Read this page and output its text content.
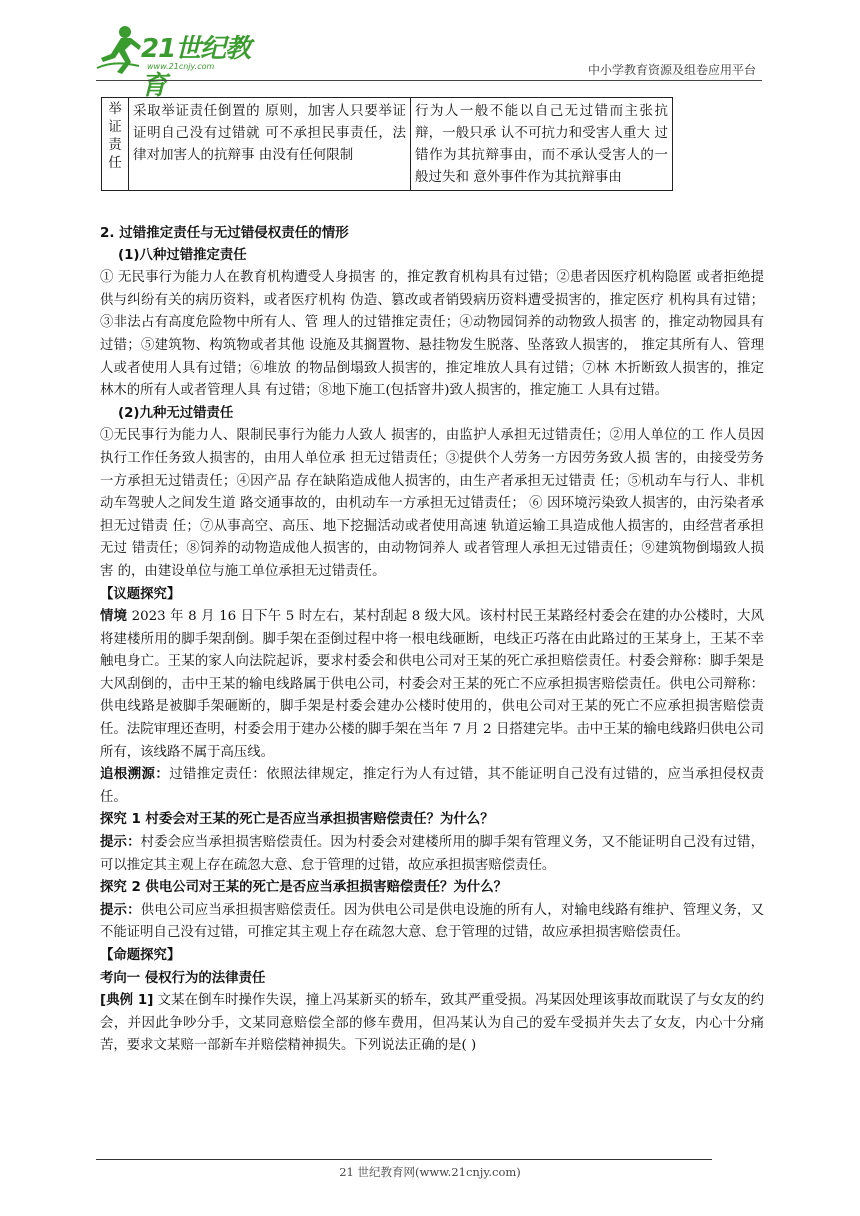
21世纪教育
www.21cnjy.com	中小学教育资源及组卷应用平台
举证责任	采取举证责任倒置的 原则，加害人只要举证 证明自己没有过错就 可不承担民事责任，法 律对加害人的抗辩事 由没有任何限制	行为人一般不能以自己无过错而主张抗辩，一般只承 认不可抗力和受害人重大 过错作为其抗辩事由，而不承认受害人的一般过失和 意外事件作为其抗辩事由

2. 过错推定责任与无过错侵权责任的情形

(1)八种过错推定责任

① 无民事行为能力人在教育机构遭受人身损害 的，推定教育机构具有过错；②患者因医疗机构隐匿 或者拒绝提供与纠纷有关的病历资料，或者医疗机构 伪造、篡改或者销毁病历资料遭受损害的，推定医疗 机构具有过错；③非法占有高度危险物中所有人、管 理人的过错推定责任；④动物园饲养的动物致人损害 的，推定动物园具有过错；⑤建筑物、构筑物或者其他 设施及其搁置物、悬挂物发生脱落、坠落致人损害的， 推定其所有人、管理人或者使用人具有过错；⑥堆放 的物品倒塌致人损害的，推定堆放人具有过错；⑦林 木折断致人损害的，推定林木的所有人或者管理人具 有过错；⑧地下施工(包括窨井)致人损害的，推定施工 人具有过错。

(2)九种无过错责任

①无民事行为能力人、限制民事行为能力人致人 损害的，由监护人承担无过错责任；②用人单位的工 作人员因执行工作任务致人损害的，由用人单位承 担无过错责任；③提供个人劳务一方因劳务致人损 害的，由接受劳务一方承担无过错责任；④因产品 存在缺陷造成他人损害的，由生产者承担无过错责 任；⑤机动车与行人、非机动车驾驶人之间发生道 路交通事故的，由机动车一方承担无过错责任； ⑥ 因环境污染致人损害的，由污染者承担无过错责 任；⑦从事高空、高压、地下挖掘活动或者使用高速 轨道运输工具造成他人损害的，由经营者承担无过 错责任；⑧饲养的动物造成他人损害的，由动物饲养人 或者管理人承担无过错责任；⑨建筑物倒塌致人损害 的，由建设单位与施工单位承担无过错责任。

【议题探究】

情境 2023 年 8 月 16 日下午 5 时左右，某村刮起 8 级大风。该村村民王某路经村委会在建的办公楼时，大风将建楼所用的脚手架刮倒。脚手架在歪倒过程中将一根电线砸断，电线正巧落在由此路过的王某身上，王某不幸触电身亡。王某的家人向法院起诉，要求村委会和供电公司对王某的死亡承担赔偿责任。村委会辩称：脚手架是大风刮倒的，击中王某的输电线路属于供电公司，村委会对王某的死亡不应承担损害赔偿责任。供电公司辩称：供电线路是被脚手架砸断的，脚手架是村委会建办公楼时使用的，供电公司对王某的死亡不应承担损害赔偿责任。法院审理还查明，村委会用于建办公楼的脚手架在当年 7 月 2 日搭建完毕。击中王某的输电线路归供电公司所有，该线路不属于高压线。

追根溯源：过错推定责任：依照法律规定，推定行为人有过错，其不能证明自己没有过错的，应当承担侵权责任。

探究 1 村委会对王某的死亡是否应当承担损害赔偿责任？为什么？

提示：村委会应当承担损害赔偿责任。因为村委会对建楼所用的脚手架有管理义务，又不能证明自己没有过错，可以推定其主观上存在疏忽大意、怠于管理的过错，故应承担损害赔偿责任。

探究 2 供电公司对王某的死亡是否应当承担损害赔偿责任？为什么？

提示：供电公司应当承担损害赔偿责任。因为供电公司是供电设施的所有人，对输电线路有维护、管理义务，又不能证明自己没有过错，可推定其主观上存在疏忽大意、怠于管理的过错，故应承担损害赔偿责任。

【命题探究】

考向一 侵权行为的法律责任

[典例 1] 文某在倒车时操作失误，撞上冯某新买的轿车，致其严重受损。冯某因处理该事故而耽误了与女友的约会，并因此争吵分手，文某同意赔偿全部的修车费用，但冯某认为自己的爱车受损并失去了女友，内心十分痛苦，要求文某赔一部新车并赔偿精神损失。下列说法正确的是( )

21 世纪教育网(www.21cnjy.com)
